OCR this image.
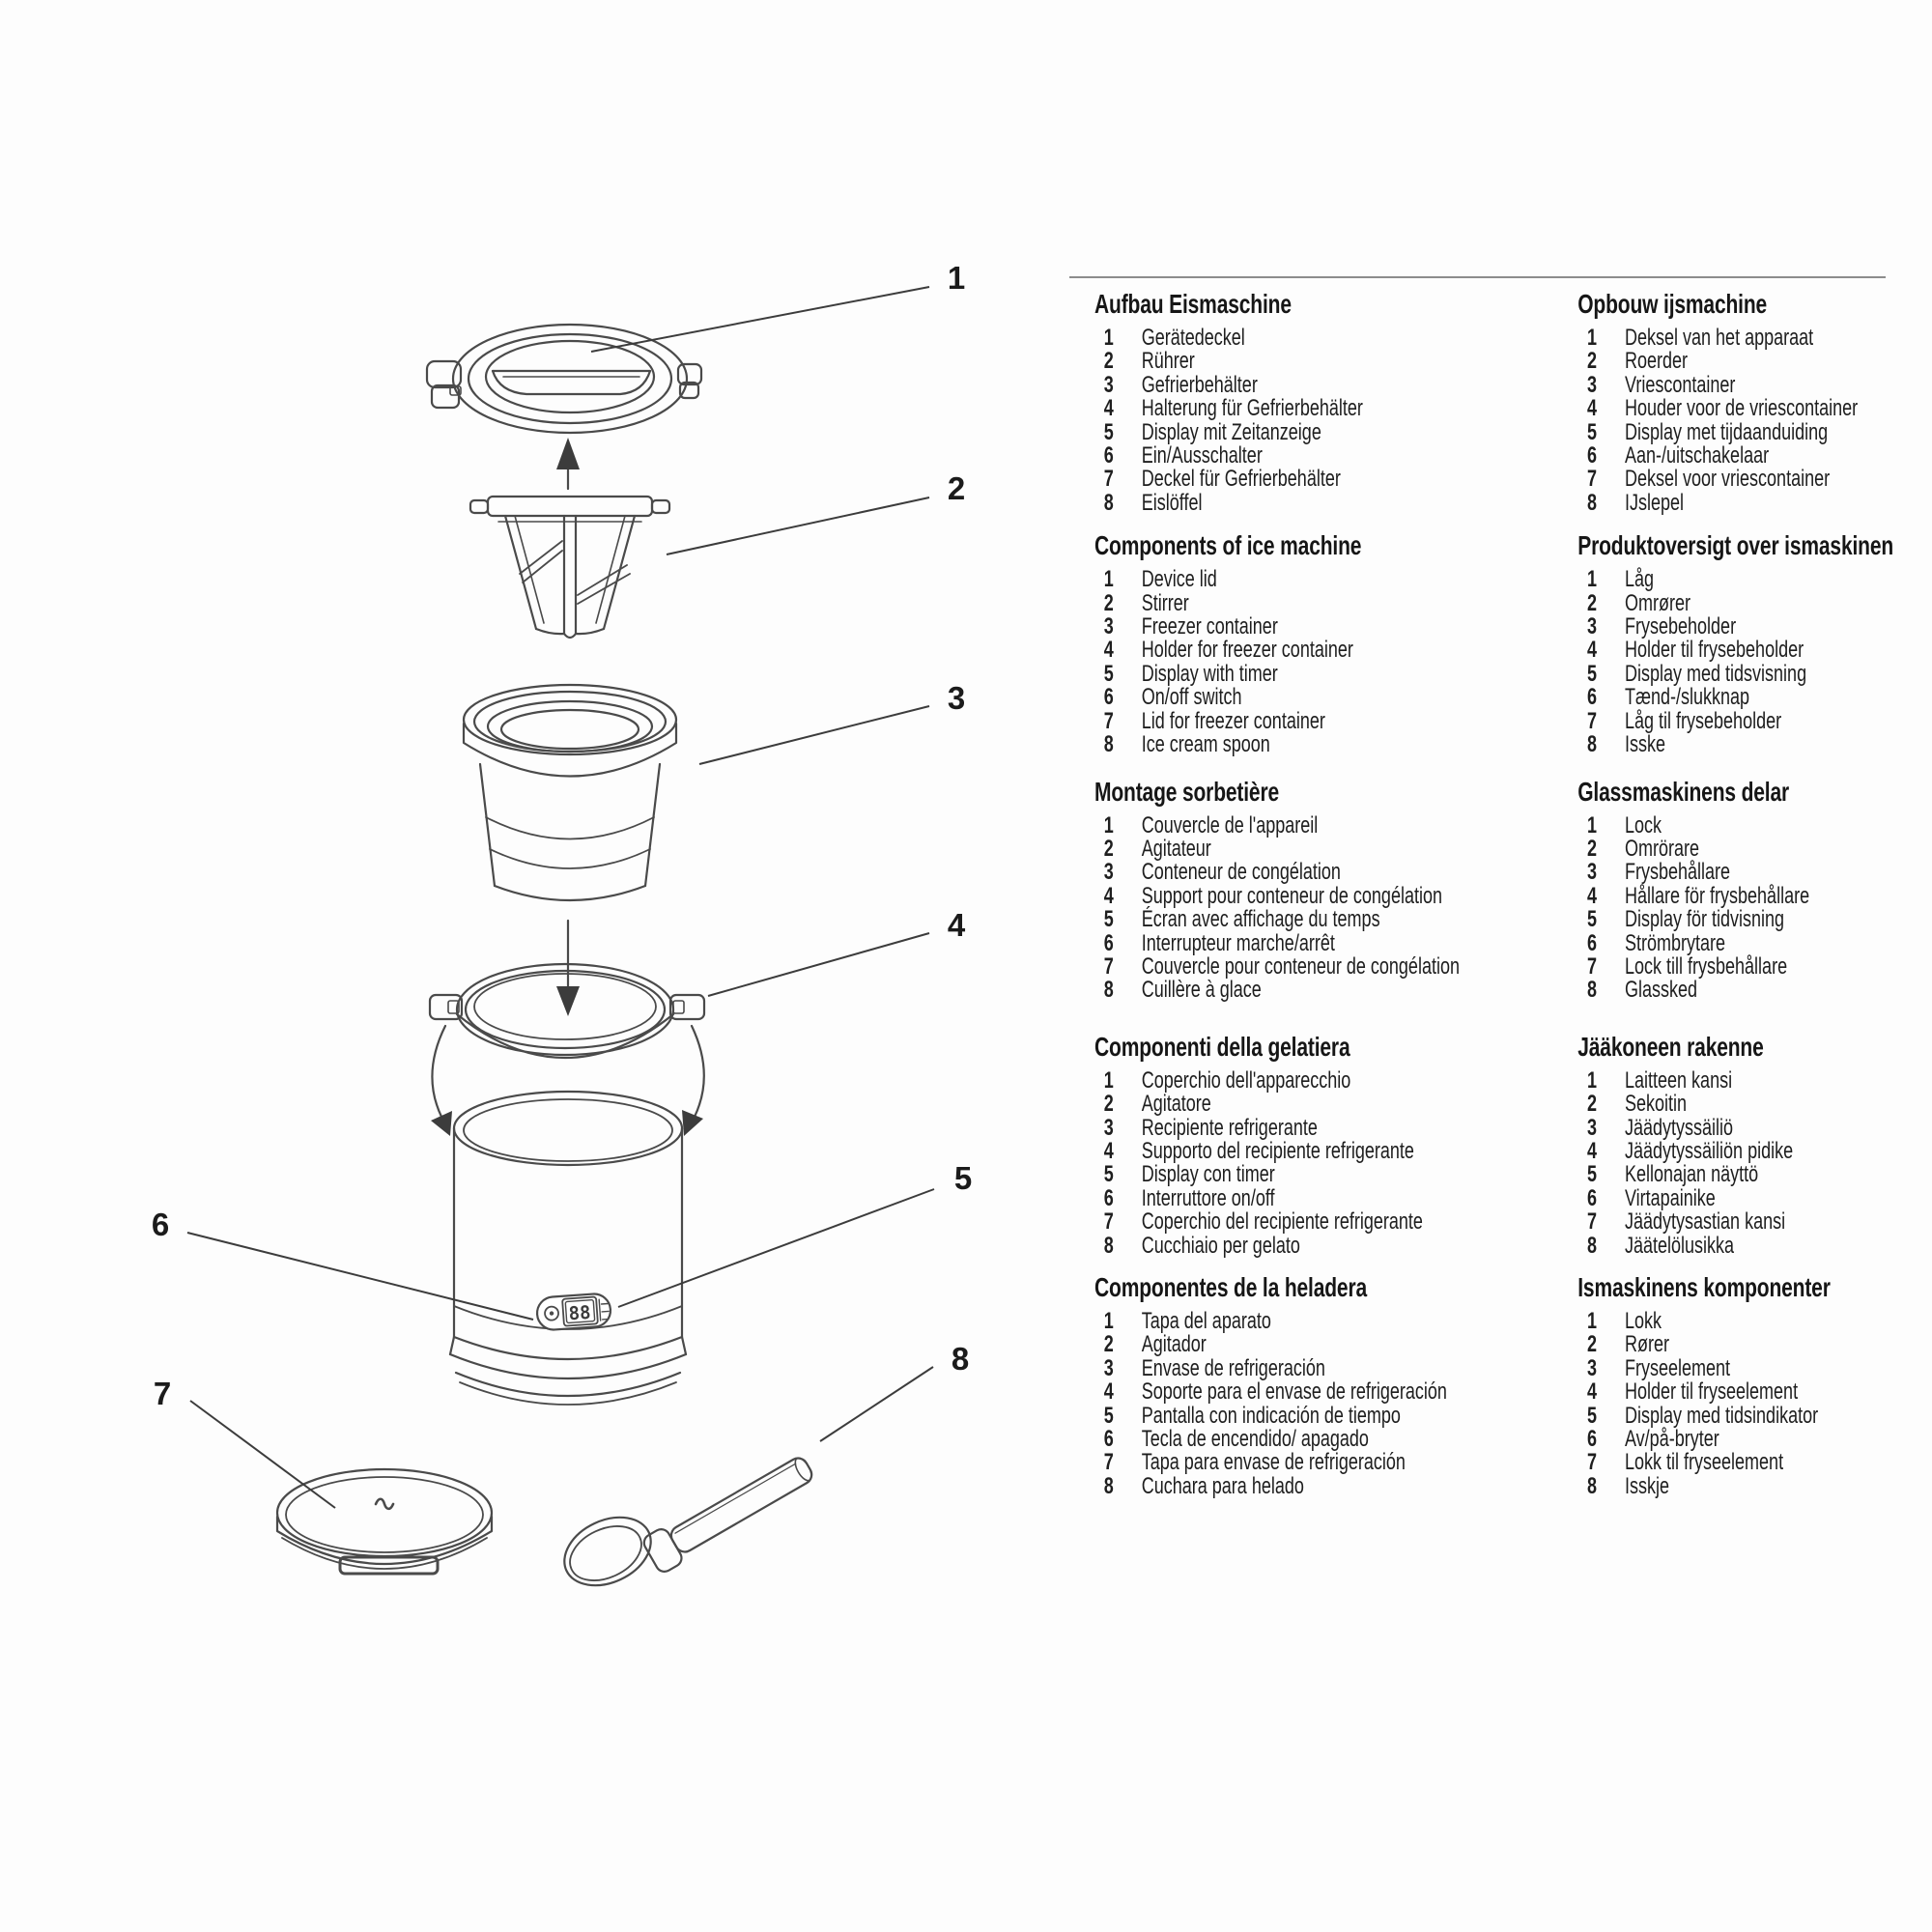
88
1
2
3
4
5
6
7
8
Aufbau Eismaschine
1	Gerätedeckel
2	Rührer
3	Gefrierbehälter
4	Halterung für Gefrierbehälter
5	Display mit Zeitanzeige
6	Ein/Ausschalter
7	Deckel für Gefrierbehälter
8	Eislöffel
Opbouw ijsmachine
1	Deksel van het apparaat
2	Roerder
3	Vriescontainer
4	Houder voor de vriescontainer
5	Display met tijdaanduiding
6	Aan-/uitschakelaar
7	Deksel voor vriescontainer
8	IJslepel
Components of ice machine
1	Device lid
2	Stirrer
3	Freezer container
4	Holder for freezer container
5	Display with timer
6	On/off switch
7	Lid for freezer container
8	Ice cream spoon
Produktoversigt over ismaskinen
1	Låg
2	Omrører
3	Frysebeholder
4	Holder til frysebeholder
5	Display med tidsvisning
6	Tænd-/slukknap
7	Låg til frysebeholder
8	Isske
Montage sorbetière
1	Couvercle de l'appareil
2	Agitateur
3	Conteneur de congélation
4	Support pour conteneur de congélation
5	Écran avec affichage du temps
6	Interrupteur marche/arrêt
7	Couvercle pour conteneur de congélation
8	Cuillère à glace
Glassmaskinens delar
1	Lock
2	Omrörare
3	Frysbehållare
4	Hållare för frysbehållare
5	Display för tidvisning
6	Strömbrytare
7	Lock till frysbehållare
8	Glassked
Componenti della gelatiera
1	Coperchio dell'apparecchio
2	Agitatore
3	Recipiente refrigerante
4	Supporto del recipiente refrigerante
5	Display con timer
6	Interruttore on/off
7	Coperchio del recipiente refrigerante
8	Cucchiaio per gelato
Jääkoneen rakenne
1	Laitteen kansi
2	Sekoitin
3	Jäädytyssäiliö
4	Jäädytyssäiliön pidike
5	Kellonajan näyttö
6	Virtapainike
7	Jäädytysastian kansi
8	Jäätelölusikka
Componentes de la heladera
1	Tapa del aparato
2	Agitador
3	Envase de refrigeración
4	Soporte para el envase de refrigeración
5	Pantalla con indicación de tiempo
6	Tecla de encendido/ apagado
7	Tapa para envase de refrigeración
8	Cuchara para helado
Ismaskinens komponenter
1	Lokk
2	Rører
3	Fryseelement
4	Holder til fryseelement
5	Display med tidsindikator
6	Av/på-bryter
7	Lokk til fryseelement
8	Isskje
